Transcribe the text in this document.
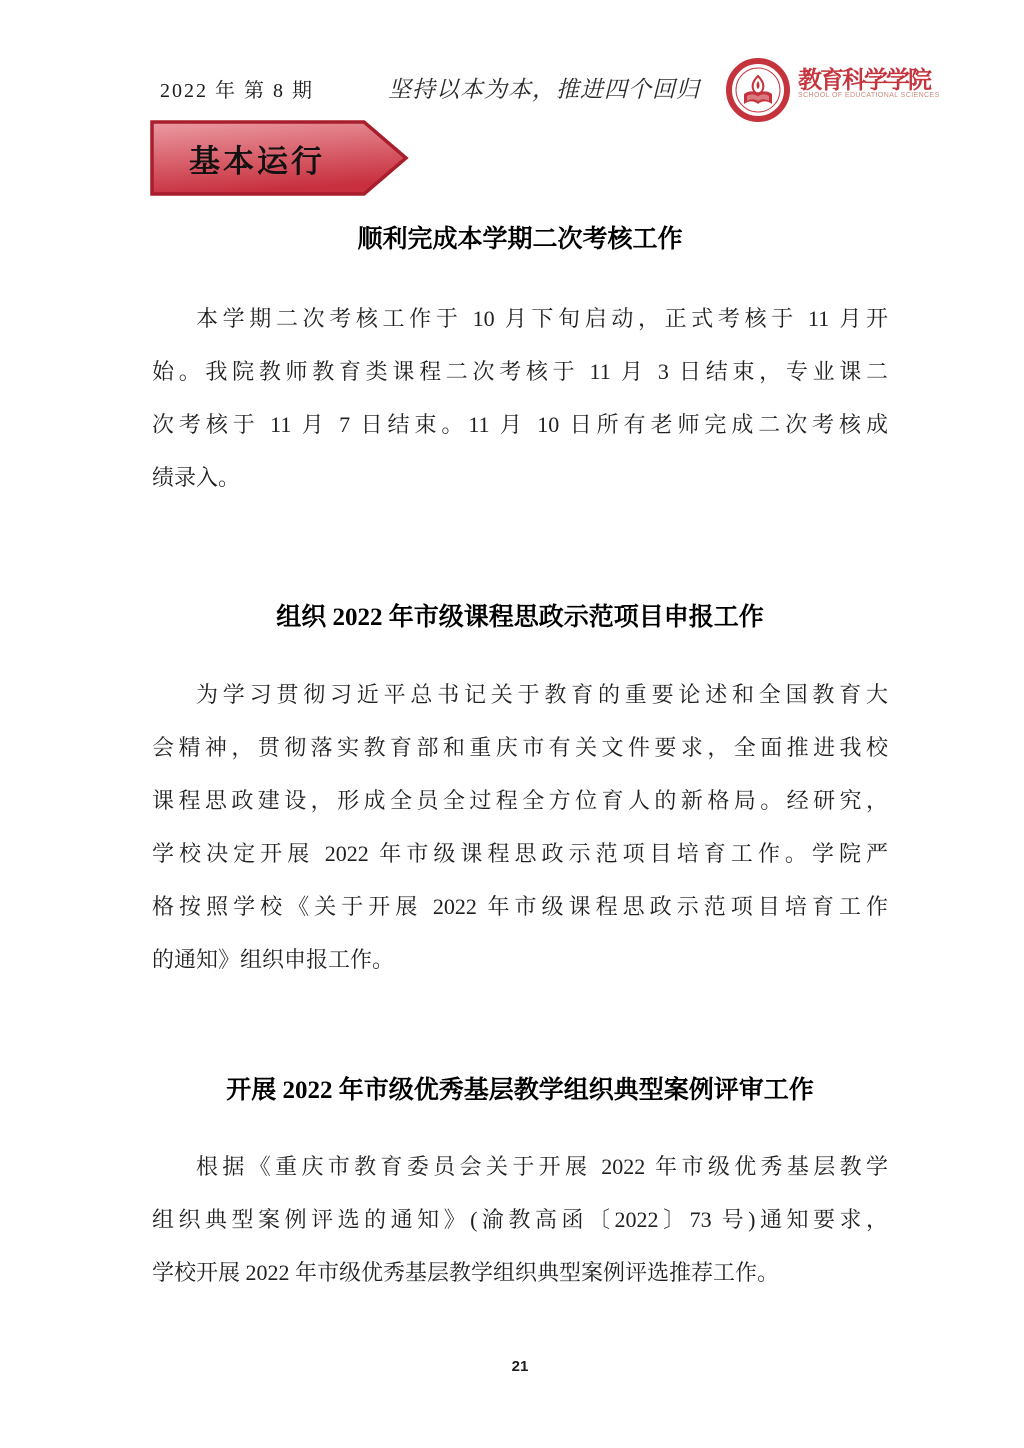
2022 年 第 8 期	坚持以本为本，推进四个回归	教育科学学院
SCHOOL OF EDUCATIONAL SCIENCES
基本运行
顺利完成本学期二次考核工作
本学期二次考核工作于 10 月下旬启动，正式考核于 11 月开
始。我院教师教育类课程二次考核于 11 月 3 日结束，专业课二
次考核于 11 月 7 日结束。11 月 10 日所有老师完成二次考核成
绩录入。
组织 2022 年市级课程思政示范项目申报工作
为学习贯彻习近平总书记关于教育的重要论述和全国教育大
会精神，贯彻落实教育部和重庆市有关文件要求，全面推进我校
课程思政建设，形成全员全过程全方位育人的新格局。经研究，
学校决定开展 2022 年市级课程思政示范项目培育工作。学院严
格按照学校《关于开展 2022 年市级课程思政示范项目培育工作
的通知》组织申报工作。
开展 2022 年市级优秀基层教学组织典型案例评审工作
根据《重庆市教育委员会关于开展 2022 年市级优秀基层教学
组织典型案例评选的通知》(渝教高函〔2022〕73 号)通知要求，
学校开展 2022 年市级优秀基层教学组织典型案例评选推荐工作。
21
